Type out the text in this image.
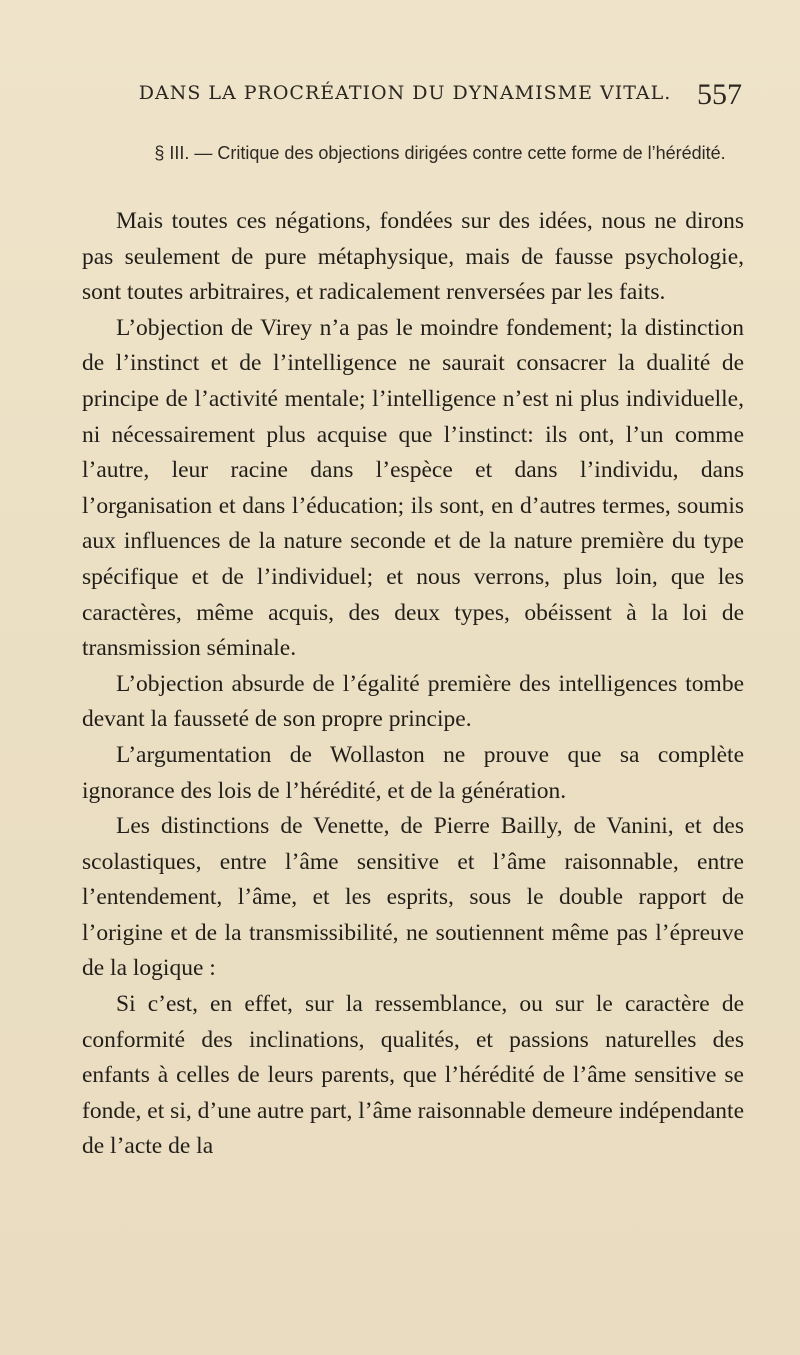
DANS LA PROCRÉATION DU DYNAMISME VITAL. 557
§ III. — Critique des objections dirigées contre cette forme de l’hérédité.

Mais toutes ces négations, fondées sur des idées, nous ne dirons pas seulement de pure métaphysique, mais de fausse psychologie, sont toutes arbitraires, et radicalement renversées par les faits.

L’objection de Virey n’a pas le moindre fondement; la distinction de l’instinct et de l’intelligence ne saurait consacrer la dualité de principe de l’activité mentale; l’intelligence n’est ni plus individuelle, ni nécessairement plus acquise que l’instinct: ils ont, l’un comme l’autre, leur racine dans l’espèce et dans l’individu, dans l’organisation et dans l’éducation; ils sont, en d’autres termes, soumis aux influences de la nature seconde et de la nature première du type spécifique et de l’individuel; et nous verrons, plus loin, que les caractères, même acquis, des deux types, obéissent à la loi de transmission séminale.

L’objection absurde de l’égalité première des intelligences tombe devant la fausseté de son propre principe.

L’argumentation de Wollaston ne prouve que sa complète ignorance des lois de l’hérédité, et de la génération.

Les distinctions de Venette, de Pierre Bailly, de Vanini, et des scolastiques, entre l’âme sensitive et l’âme raisonnable, entre l’entendement, l’âme, et les esprits, sous le double rapport de l’origine et de la transmissibilité, ne soutiennent même pas l’épreuve de la logique :

Si c’est, en effet, sur la ressemblance, ou sur le caractère de conformité des inclinations, qualités, et passions naturelles des enfants à celles de leurs parents, que l’hérédité de l’âme sensitive se fonde, et si, d’une autre part, l’âme raisonnable demeure indépendante de l’acte de la
